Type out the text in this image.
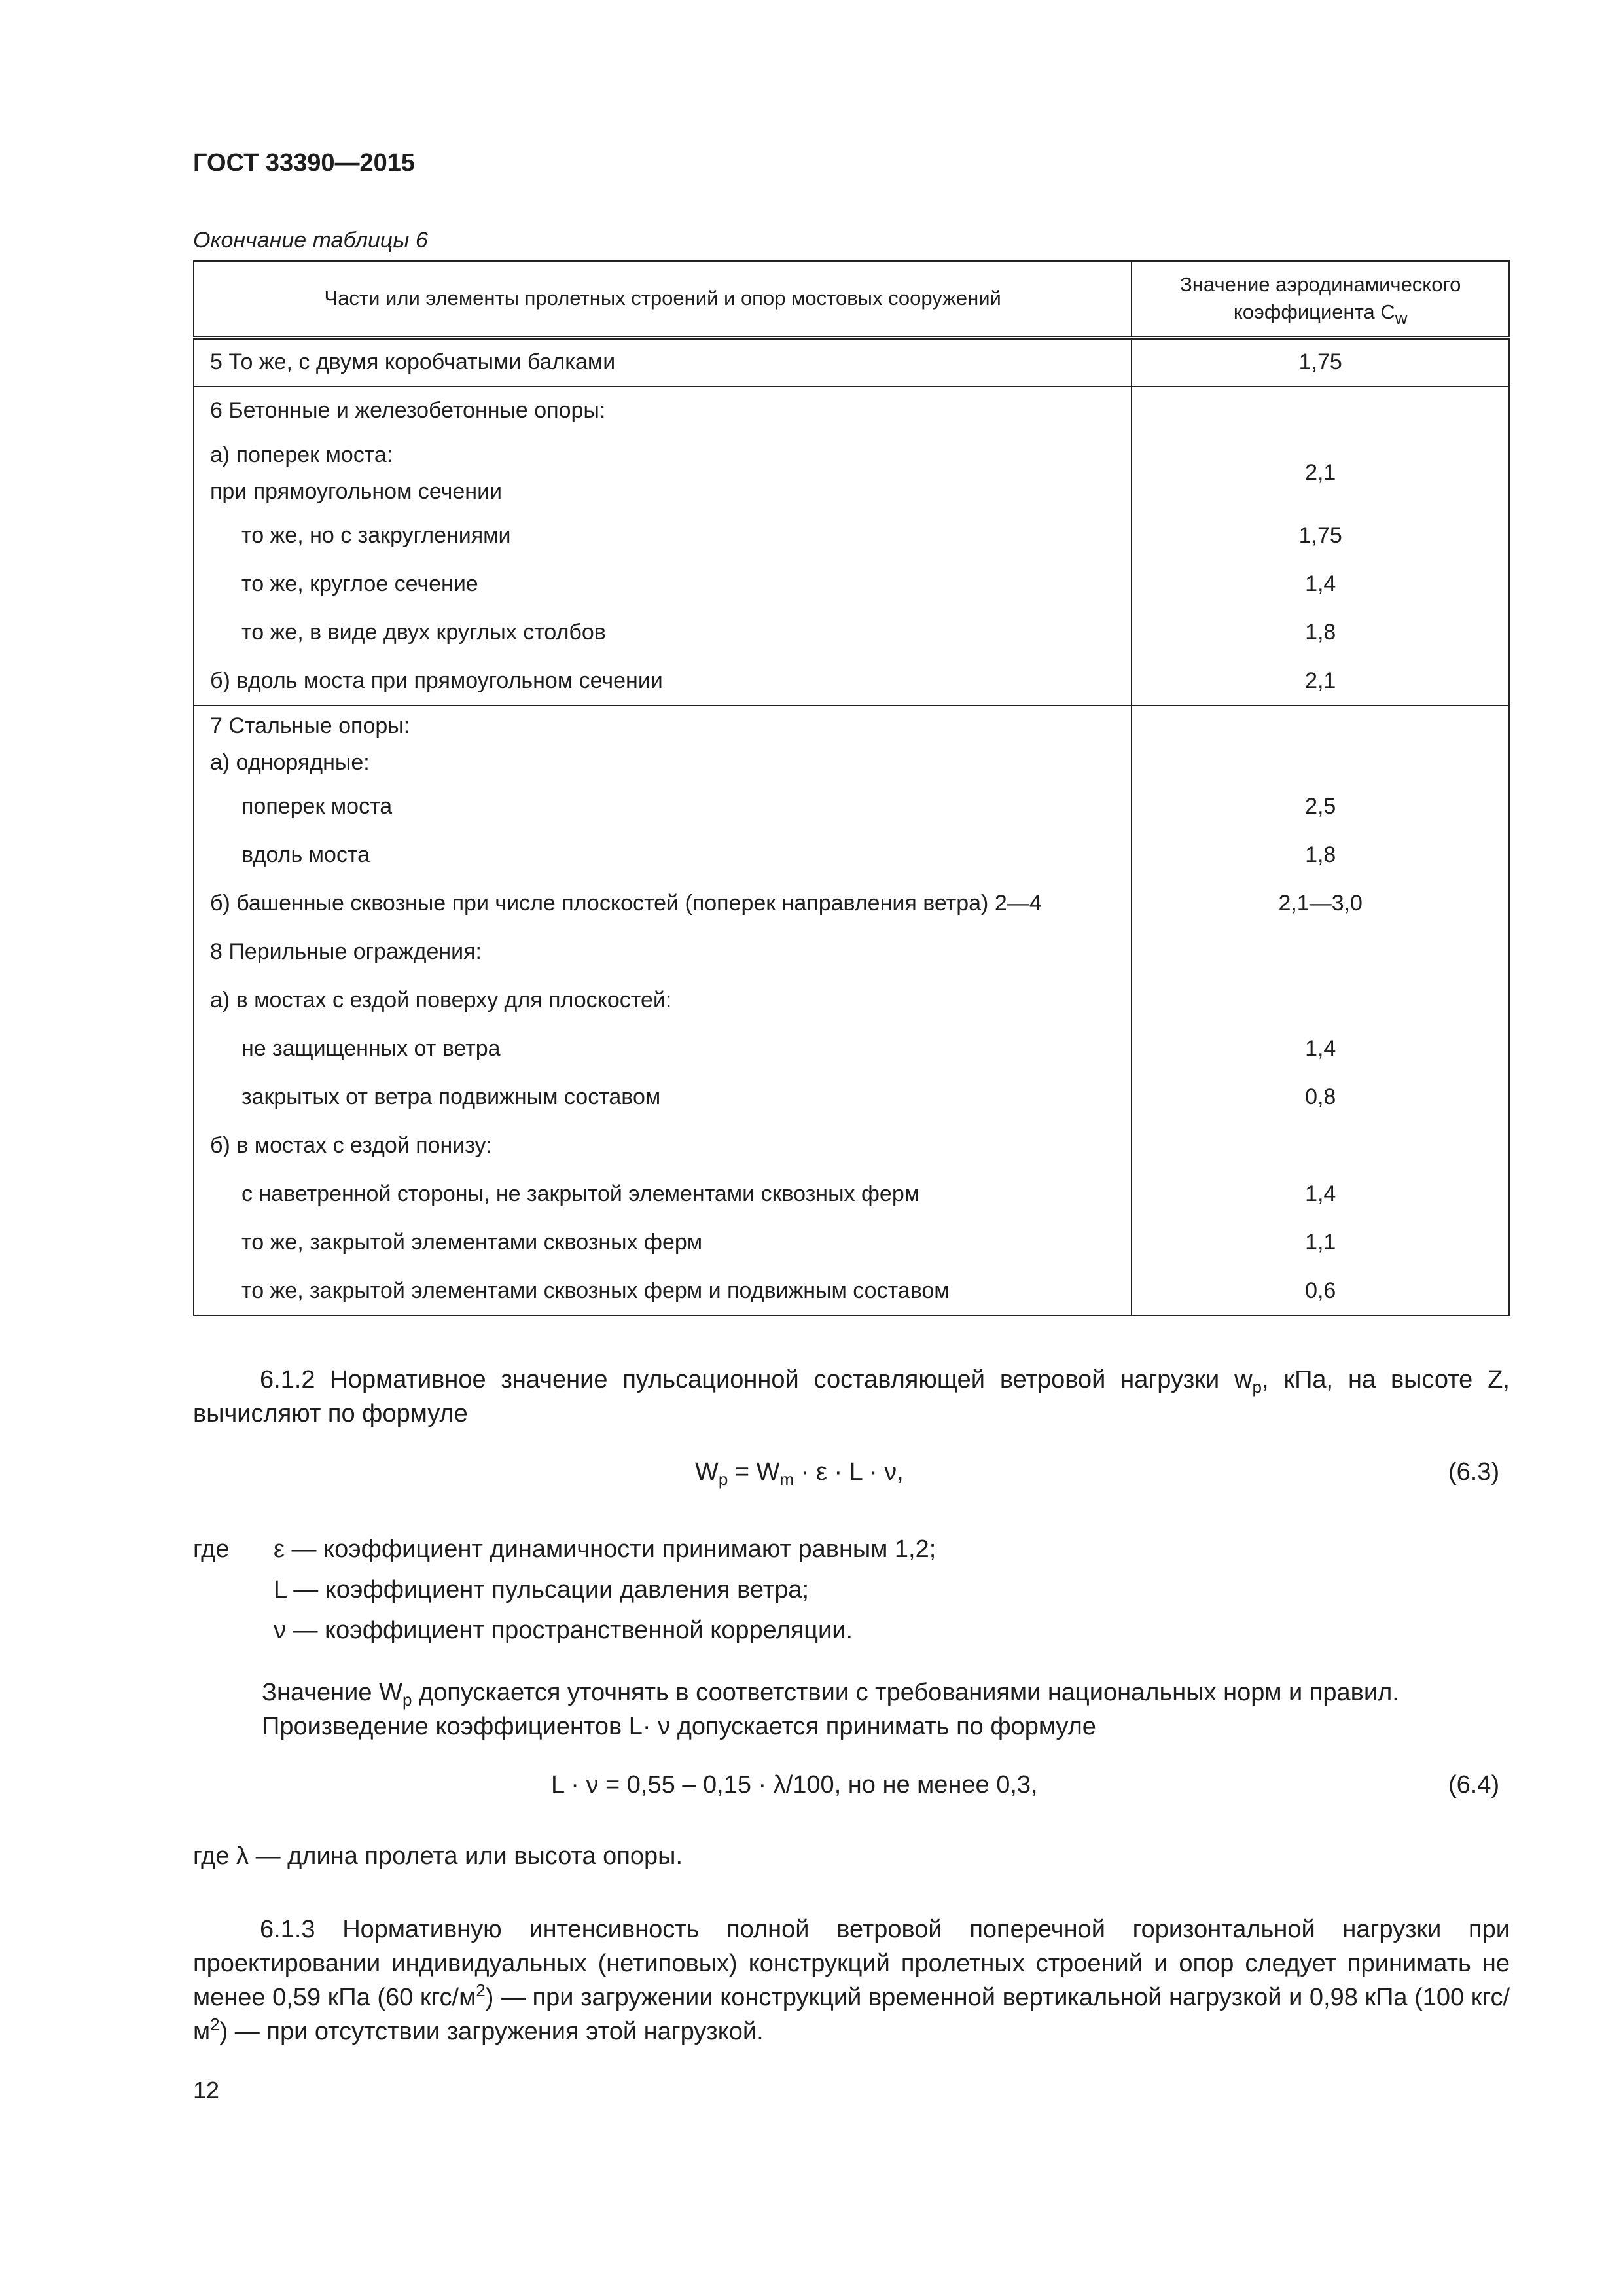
ГОСТ 33390—2015
Окончание таблицы 6
Части или элементы пролетных строений и опор мостовых сооружений	Значение аэродинамического
коэффициента $C_w$
5 То же, с двумя коробчатыми балками	1,75
6 Бетонные и железобетонные опоры:	
а) поперек моста:
при прямоугольном сечении	2,1
то же, но с закруглениями	1,75
то же, круглое сечение	1,4
то же, в виде двух круглых столбов	1,8
б) вдоль моста при прямоугольном сечении	2,1
7 Стальные опоры:
а) однорядные:	
поперек моста	2,5
вдоль моста	1,8
б) башенные сквозные при числе плоскостей (поперек направления ветра) 2—4	2,1—3,0
8 Перильные ограждения:	
а) в мостах с ездой поверху для плоскостей:	
не защищенных от ветра	1,4
закрытых от ветра подвижным составом	0,8
б) в мостах с ездой понизу:	
с наветренной стороны, не закрытой элементами сквозных ферм	1,4
то же, закрытой элементами сквозных ферм	1,1
то же, закрытой элементами сквозных ферм и подвижным составом	0,6

6.1.2 Нормативное значение пульсационной составляющей ветровой нагрузки $w_p$, кПа, на высоте Z, вычисляют по формуле

$W_p = W_m \cdot \varepsilon \cdot L \cdot \nu$,	(6.3)
где ε — коэффициент динамичности принимают равным 1,2;
L — коэффициент пульсации давления ветра;
ν — коэффициент пространственной корреляции.
Значение $W_p$ допускается уточнять в соответствии с требованиями национальных норм и правил.
Произведение коэффициентов L· ν допускается принимать по формуле
L · ν = 0,55 – 0,15 · λ/100, но не менее 0,3,	(6.4)
где λ — длина пролета или высота опоры.

6.1.3 Нормативную интенсивность полной ветровой поперечной горизонтальной нагрузки при проектировании индивидуальных (нетиповых) конструкций пролетных строений и опор следует принимать не менее 0,59 кПа (60 кгс/$м^2$) — при загружении конструкций временной вертикальной нагрузкой и 0,98 кПа (100 кгс/$м^2$) — при отсутствии загружения этой нагрузкой.

12
